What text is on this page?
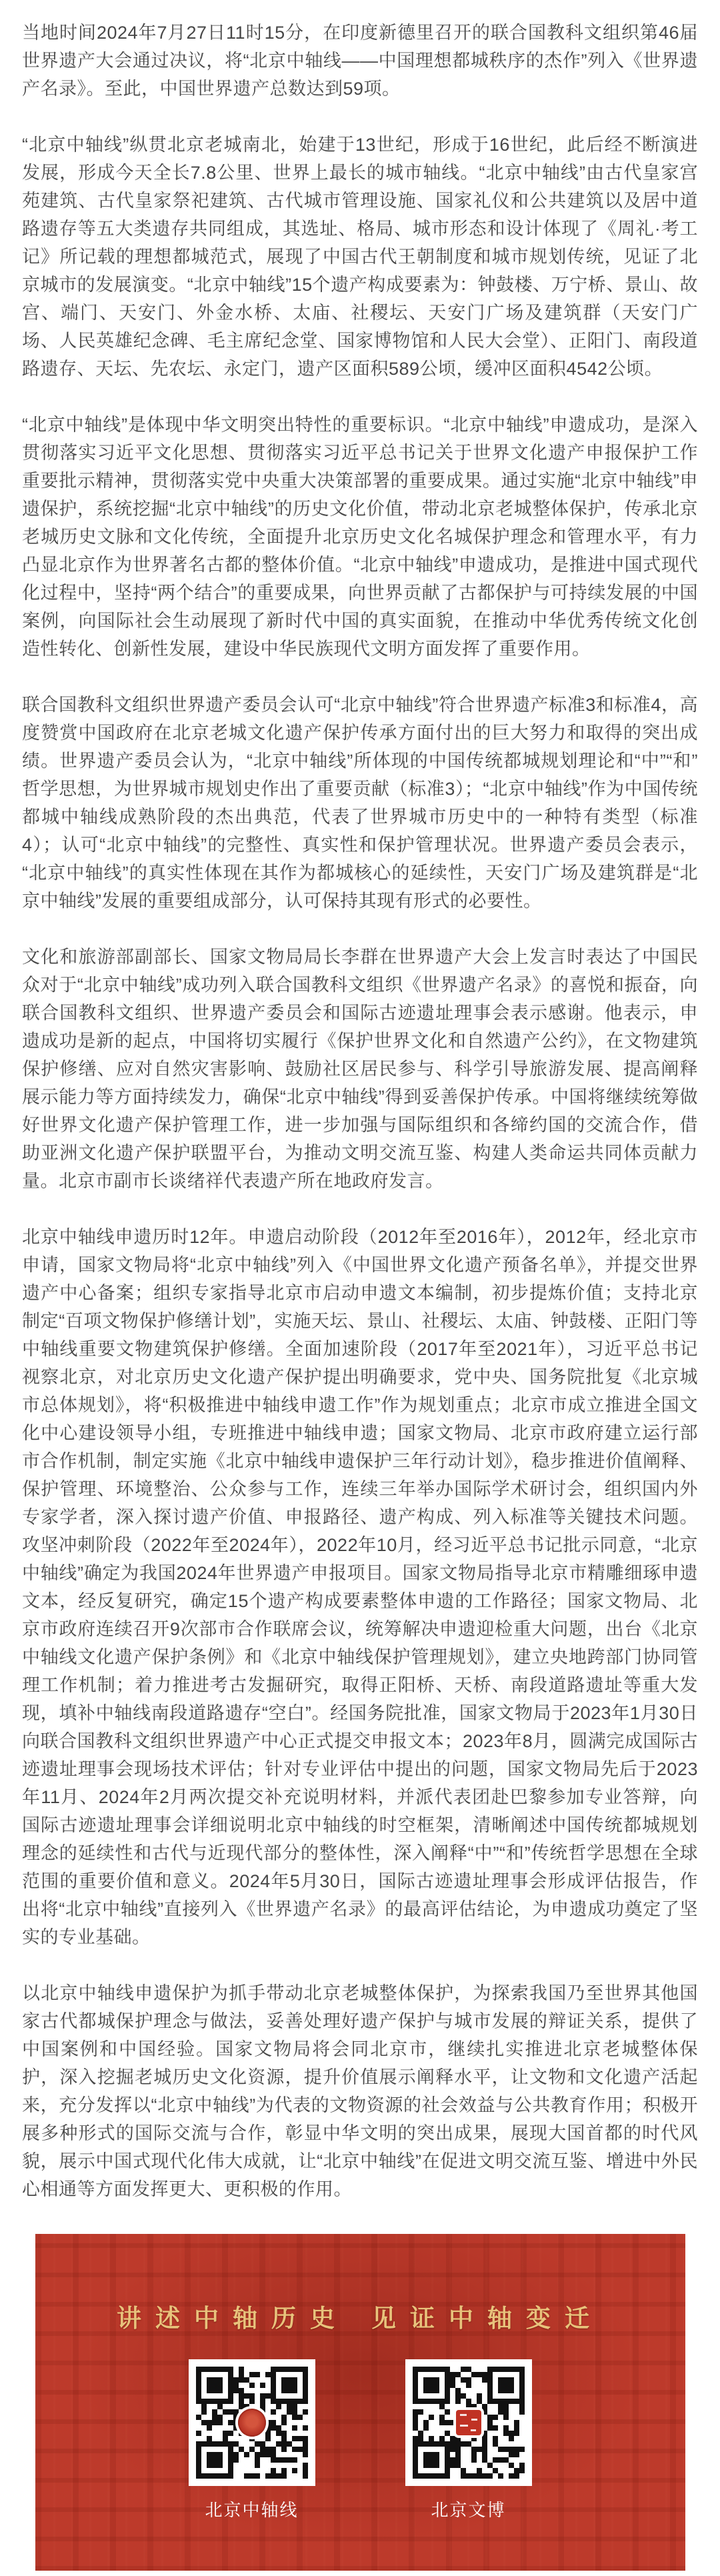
当地时间2024年7月27日11时15分，在印度新德里召开的联合国教科文组织第46届世界遗产大会通过决议，将“北京中轴线——中国理想都城秩序的杰作”列入《世界遗产名录》。至此，中国世界遗产总数达到59项。

“北京中轴线”纵贯北京老城南北，始建于13世纪，形成于16世纪，此后经不断演进发展，形成今天全长7.8公里、世界上最长的城市轴线。“北京中轴线”由古代皇家宫苑建筑、古代皇家祭祀建筑、古代城市管理设施、国家礼仪和公共建筑以及居中道路遗存等五大类遗存共同组成，其选址、格局、城市形态和设计体现了《周礼·考工记》所记载的理想都城范式，展现了中国古代王朝制度和城市规划传统，见证了北京城市的发展演变。“北京中轴线”15个遗产构成要素为：钟鼓楼、万宁桥、景山、故宫、端门、天安门、外金水桥、太庙、社稷坛、天安门广场及建筑群（天安门广场、人民英雄纪念碑、毛主席纪念堂、国家博物馆和人民大会堂）、正阳门、南段道路遗存、天坛、先农坛、永定门，遗产区面积589公顷，缓冲区面积4542公顷。

“北京中轴线”是体现中华文明突出特性的重要标识。“北京中轴线”申遗成功，是深入贯彻落实习近平文化思想、贯彻落实习近平总书记关于世界文化遗产申报保护工作重要批示精神，贯彻落实党中央重大决策部署的重要成果。通过实施“北京中轴线”申遗保护，系统挖掘“北京中轴线”的历史文化价值，带动北京老城整体保护，传承北京老城历史文脉和文化传统，全面提升北京历史文化名城保护理念和管理水平，有力凸显北京作为世界著名古都的整体价值。“北京中轴线”申遗成功，是推进中国式现代化过程中，坚持“两个结合”的重要成果，向世界贡献了古都保护与可持续发展的中国案例，向国际社会生动展现了新时代中国的真实面貌，在推动中华优秀传统文化创造性转化、创新性发展，建设中华民族现代文明方面发挥了重要作用。

联合国教科文组织世界遗产委员会认可“北京中轴线”符合世界遗产标准3和标准4，高度赞赏中国政府在北京老城文化遗产保护传承方面付出的巨大努力和取得的突出成绩。世界遗产委员会认为，“北京中轴线”所体现的中国传统都城规划理论和“中”“和”哲学思想，为世界城市规划史作出了重要贡献（标准3）；“北京中轴线”作为中国传统都城中轴线成熟阶段的杰出典范，代表了世界城市历史中的一种特有类型（标准4）；认可“北京中轴线”的完整性、真实性和保护管理状况。世界遗产委员会表示，“北京中轴线”的真实性体现在其作为都城核心的延续性，天安门广场及建筑群是“北京中轴线”发展的重要组成部分，认可保持其现有形式的必要性。

文化和旅游部副部长、国家文物局局长李群在世界遗产大会上发言时表达了中国民众对于“北京中轴线”成功列入联合国教科文组织《世界遗产名录》的喜悦和振奋，向联合国教科文组织、世界遗产委员会和国际古迹遗址理事会表示感谢。他表示，申遗成功是新的起点，中国将切实履行《保护世界文化和自然遗产公约》，在文物建筑保护修缮、应对自然灾害影响、鼓励社区居民参与、科学引导旅游发展、提高阐释展示能力等方面持续发力，确保“北京中轴线”得到妥善保护传承。中国将继续统筹做好世界文化遗产保护管理工作，进一步加强与国际组织和各缔约国的交流合作，借助亚洲文化遗产保护联盟平台，为推动文明交流互鉴、构建人类命运共同体贡献力量。北京市副市长谈绪祥代表遗产所在地政府发言。

北京中轴线申遗历时12年。申遗启动阶段（2012年至2016年），2012年，经北京市申请，国家文物局将“北京中轴线”列入《中国世界文化遗产预备名单》，并提交世界遗产中心备案；组织专家指导北京市启动申遗文本编制，初步提炼价值；支持北京制定“百项文物保护修缮计划”，实施天坛、景山、社稷坛、太庙、钟鼓楼、正阳门等中轴线重要文物建筑保护修缮。全面加速阶段（2017年至2021年），习近平总书记视察北京，对北京历史文化遗产保护提出明确要求，党中央、国务院批复《北京城市总体规划》，将“积极推进中轴线申遗工作”作为规划重点；北京市成立推进全国文化中心建设领导小组，专班推进中轴线申遗；国家文物局、北京市政府建立运行部市合作机制，制定实施《北京中轴线申遗保护三年行动计划》，稳步推进价值阐释、保护管理、环境整治、公众参与工作，连续三年举办国际学术研讨会，组织国内外专家学者，深入探讨遗产价值、申报路径、遗产构成、列入标准等关键技术问题。攻坚冲刺阶段（2022年至2024年），2022年10月，经习近平总书记批示同意，“北京中轴线”确定为我国2024年世界遗产申报项目。国家文物局指导北京市精雕细琢申遗文本，经反复研究，确定15个遗产构成要素整体申遗的工作路径；国家文物局、北京市政府连续召开9次部市合作联席会议，统筹解决申遗迎检重大问题，出台《北京中轴线文化遗产保护条例》和《北京中轴线保护管理规划》，建立央地跨部门协同管理工作机制；着力推进考古发掘研究，取得正阳桥、天桥、南段道路遗址等重大发现，填补中轴线南段道路遗存“空白”。经国务院批准，国家文物局于2023年1月30日向联合国教科文组织世界遗产中心正式提交申报文本；2023年8月，圆满完成国际古迹遗址理事会现场技术评估；针对专业评估中提出的问题，国家文物局先后于2023年11月、2024年2月两次提交补充说明材料，并派代表团赴巴黎参加专业答辩，向国际古迹遗址理事会详细说明北京中轴线的时空框架，清晰阐述中国传统都城规划理念的延续性和古代与近现代部分的整体性，深入阐释“中”“和”传统哲学思想在全球范围的重要价值和意义。2024年5月30日，国际古迹遗址理事会形成评估报告，作出将“北京中轴线”直接列入《世界遗产名录》的最高评估结论，为申遗成功奠定了坚实的专业基础。

以北京中轴线申遗保护为抓手带动北京老城整体保护，为探索我国乃至世界其他国家古代都城保护理念与做法，妥善处理好遗产保护与城市发展的辩证关系，提供了中国案例和中国经验。国家文物局将会同北京市，继续扎实推进北京老城整体保护，深入挖掘老城历史文化资源，提升价值展示阐释水平，让文物和文化遗产活起来，充分发挥以“北京中轴线”为代表的文物资源的社会效益与公共教育作用；积极开展多种形式的国际交流与合作，彰显中华文明的突出成果，展现大国首都的时代风貌，展示中国式现代化伟大成就，让“北京中轴线”在促进文明交流互鉴、增进中外民心相通等方面发挥更大、更积极的作用。

讲述中轴历史 见证中轴变迁
北京中轴线	北京文博
